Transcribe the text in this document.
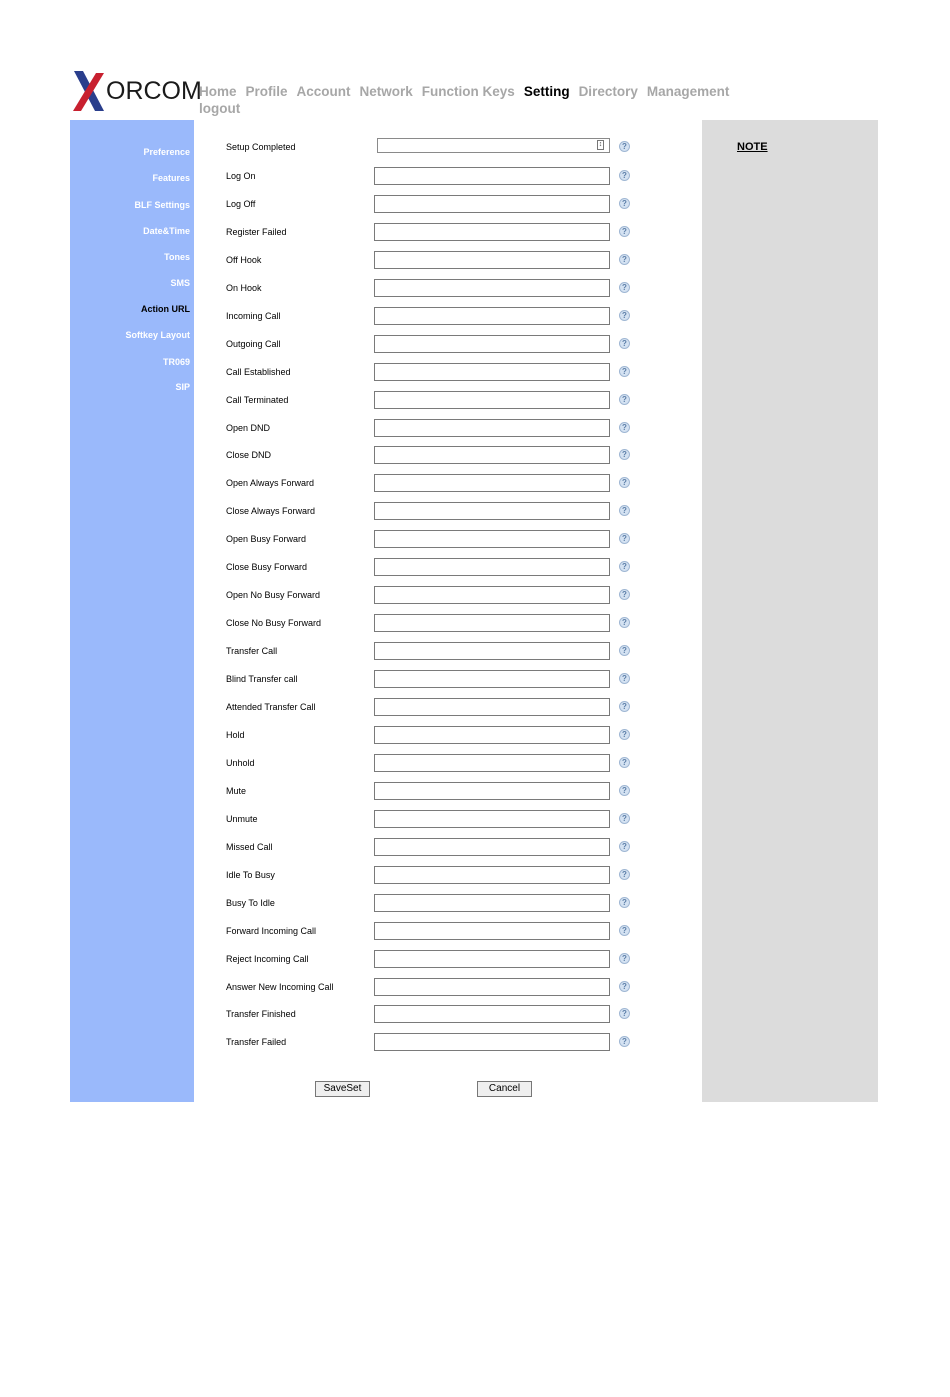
ORCOM
Home Profile Account Network Function Keys Setting Directory Managementlogout
Preference
Features
BLF Settings
Date&Time
Tones
SMS
Action URL
Softkey Layout
TR069
SIP
SaveSet	Cancel
Setup Completed	↕	?
Log On	?
Log Off	?
Register Failed	?
Off Hook	?
On Hook	?
Incoming Call	?
Outgoing Call	?
Call Established	?
Call Terminated	?
Open DND	?
Close DND	?
Open Always Forward	?
Close Always Forward	?
Open Busy Forward	?
Close Busy Forward	?
Open No Busy Forward	?
Close No Busy Forward	?
Transfer Call	?
Blind Transfer call	?
Attended Transfer Call	?
Hold	?
Unhold	?
Mute	?
Unmute	?
Missed Call	?
Idle To Busy	?
Busy To Idle	?
Forward Incoming Call	?
Reject Incoming Call	?
Answer New Incoming Call	?
Transfer Finished	?
Transfer Failed	?
NOTE
